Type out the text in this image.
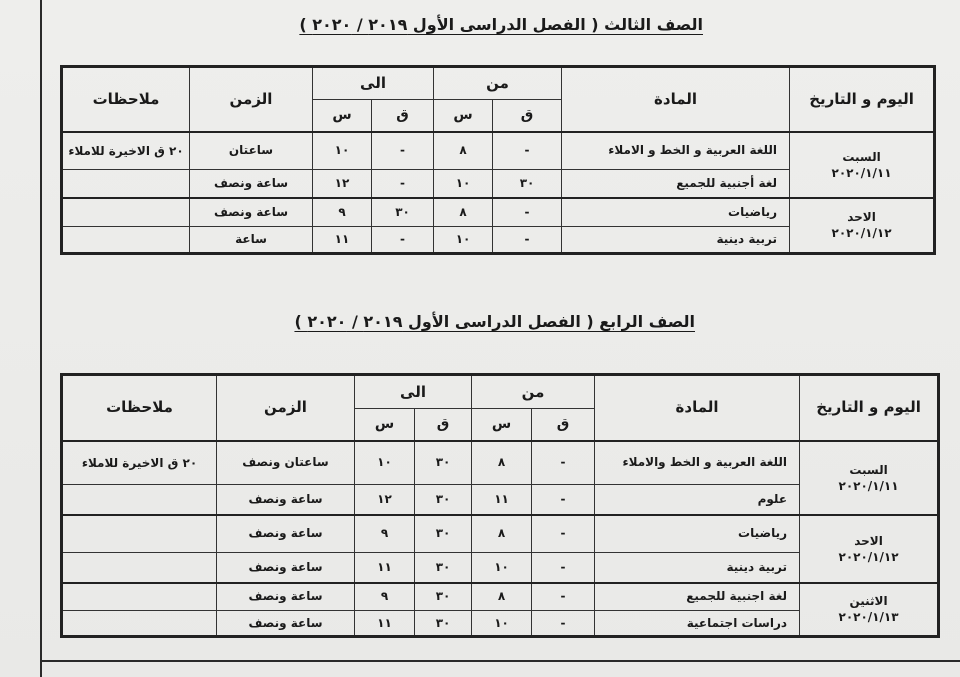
الصف الثالث ( الفصل الدراسى الأول ٢٠١٩ / ٢٠٢٠ )
اليوم و التاريخ	المادة	من		الى		الزمن	ملاحظات
		ق	س	ق	س		
السبت
٢٠٢٠/١/١١	اللغة العربية و الخط و الاملاء	-	٨	-	١٠	ساعتان	٢٠ ق الاخيرة للاملاء
	لغة أجنبية للجميع	٣٠	١٠	-	١٢	ساعة ونصف	
الاحد
٢٠٢٠/١/١٢	رياضيات	-	٨	٣٠	٩	ساعة ونصف	
	تربية دينية	-	١٠	-	١١	ساعة	
الصف الرابع ( الفصل الدراسى الأول ٢٠١٩ / ٢٠٢٠ )
اليوم و التاريخ	المادة	من		الى		الزمن	ملاحظات
		ق	س	ق	س		
السبت
٢٠٢٠/١/١١	اللغة العربية و الخط والاملاء	-	٨	٣٠	١٠	ساعتان ونصف	٢٠ ق الاخيرة للاملاء
	علوم	-	١١	٣٠	١٢	ساعة ونصف	
الاحد
٢٠٢٠/١/١٢	رياضيات	-	٨	٣٠	٩	ساعة ونصف	
	تربية دينية	-	١٠	٣٠	١١	ساعة ونصف	
الاثنين
٢٠٢٠/١/١٣	لغة اجنبية للجميع	-	٨	٣٠	٩	ساعة ونصف	
	دراسات اجتماعية	-	١٠	٣٠	١١	ساعة ونصف	
